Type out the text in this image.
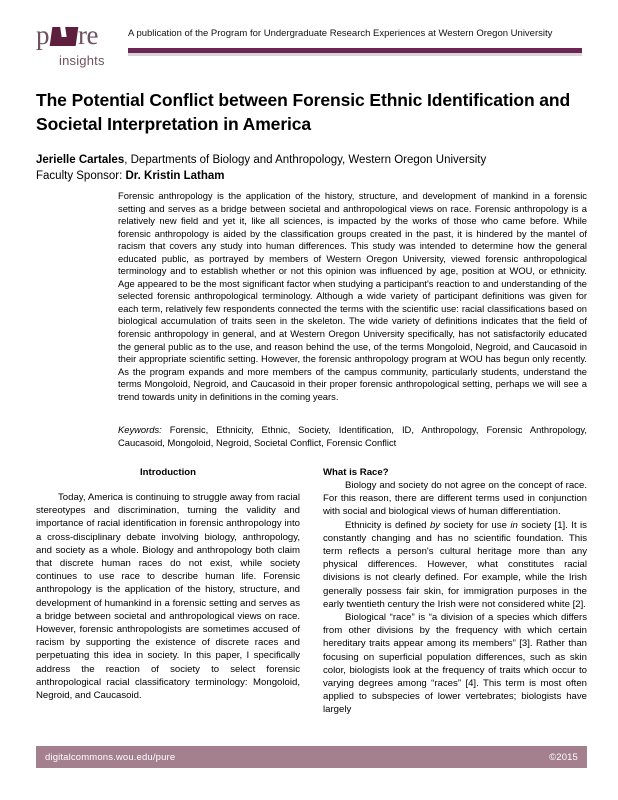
p re
insights
A publication of the Program for Undergraduate Research Experiences at Western Oregon University
The Potential Conflict between Forensic Ethnic Identification and Societal Interpretation in America
Jerielle Cartales, Departments of Biology and Anthropology, Western Oregon University
Faculty Sponsor: Dr. Kristin Latham
Forensic anthropology is the application of the history, structure, and development of mankind in a forensic setting and serves as a bridge between societal and anthropological views on race. Forensic anthropology is a relatively new field and yet it, like all sciences, is impacted by the works of those who came before. While forensic anthropology is aided by the classification groups created in the past, it is hindered by the mantel of racism that covers any study into human differences. This study was intended to determine how the general educated public, as portrayed by members of Western Oregon University, viewed forensic anthropological terminology and to establish whether or not this opinion was influenced by age, position at WOU, or ethnicity. Age appeared to be the most significant factor when studying a participant's reaction to and understanding of the selected forensic anthropological terminology. Although a wide variety of participant definitions was given for each term, relatively few respondents connected the terms with the scientific use: racial classifications based on biological accumulation of traits seen in the skeleton. The wide variety of definitions indicates that the field of forensic anthropology in general, and at Western Oregon University specifically, has not satisfactorily educated the general public as to the use, and reason behind the use, of the terms Mongoloid, Negroid, and Caucasoid in their appropriate scientific setting. However, the forensic anthropology program at WOU has begun only recently. As the program expands and more members of the campus community, particularly students, understand the terms Mongoloid, Negroid, and Caucasoid in their proper forensic anthropological setting, perhaps we will see a trend towards unity in definitions in the coming years.
Keywords: Forensic, Ethnicity, Ethnic, Society, Identification, ID, Anthropology, Forensic Anthropology, Caucasoid, Mongoloid, Negroid, Societal Conflict, Forensic Conflict
Introduction

Today, America is continuing to struggle away from racial stereotypes and discrimination, turning the validity and importance of racial identification in forensic anthropology into a cross-disciplinary debate involving biology, anthropology, and society as a whole. Biology and anthropology both claim that discrete human races do not exist, while society continues to use race to describe human life. Forensic anthropology is the application of the history, structure, and development of humankind in a forensic setting and serves as a bridge between societal and anthropological views on race. However, forensic anthropologists are sometimes accused of racism by supporting the existence of discrete races and perpetuating this idea in society. In this paper, I specifically address the reaction of society to select forensic anthropological racial classificatory terminology: Mongoloid, Negroid, and Caucasoid.

What is Race?

Biology and society do not agree on the concept of race. For this reason, there are different terms used in conjunction with social and biological views of human differentiation.

Ethnicity is defined by society for use in society [1]. It is constantly changing and has no scientific foundation. This term reflects a person's cultural heritage more than any physical differences. However, what constitutes racial divisions is not clearly defined. For example, while the Irish generally possess fair skin, for immigration purposes in the early twentieth century the Irish were not considered white [2].

Biological “race” is “a division of a species which differs from other divisions by the frequency with which certain hereditary traits appear among its members” [3]. Rather than focusing on superficial population differences, such as skin color, biologists look at the frequency of traits which occur to varying degrees among “races” [4]. This term is most often applied to subspecies of lower vertebrates; biologists have largely

digitalcommons.wou.edu/pure	©2015
